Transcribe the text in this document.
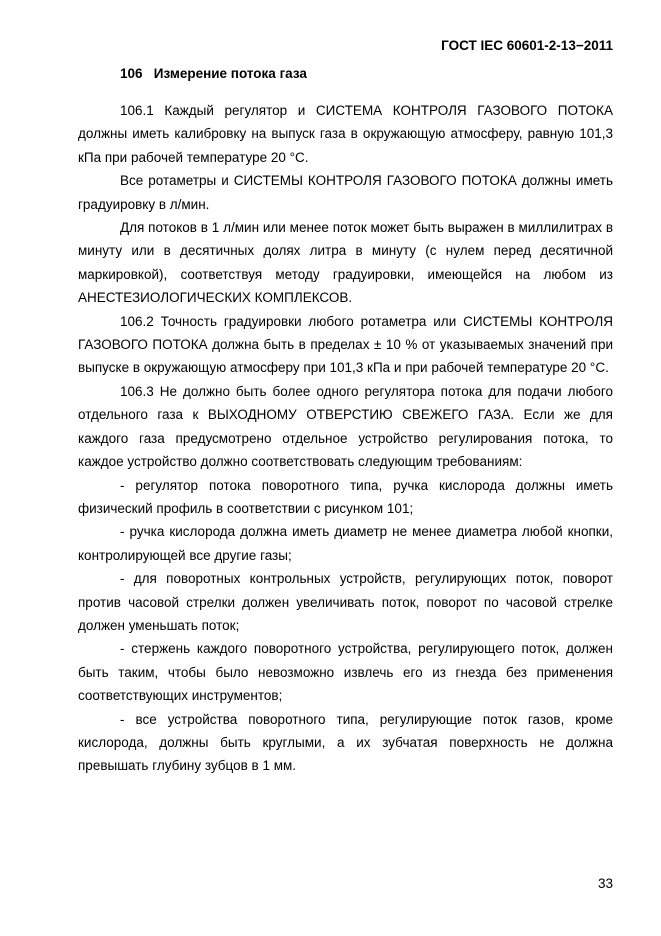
ГОСТ IEC 60601-2-13−2011
106 Измерение потока газа

106.1 Каждый регулятор и СИСТЕМА КОНТРОЛЯ ГАЗОВОГО ПОТОКА должны иметь калибровку на выпуск газа в окружающую атмосферу, равную 101,3 кПа при рабочей температуре 20 °С.

Все ротаметры и СИСТЕМЫ КОНТРОЛЯ ГАЗОВОГО ПОТОКА должны иметь градуировку в л/мин.

Для потоков в 1 л/мин или менее поток может быть выражен в миллилитрах в минуту или в десятичных долях литра в минуту (с нулем перед десятичной маркировкой), соответствуя методу градуировки, имеющейся на любом из АНЕСТЕЗИОЛОГИЧЕСКИХ КОМПЛЕКСОВ.

106.2 Точность градуировки любого ротаметра или СИСТЕМЫ КОНТРОЛЯ ГАЗОВОГО ПОТОКА должна быть в пределах ± 10 % от указываемых значений при выпуске в окружающую атмосферу при 101,3 кПа и при рабочей температуре 20 °С.

106.3 Не должно быть более одного регулятора потока для подачи любого отдельного газа к ВЫХОДНОМУ ОТВЕРСТИЮ СВЕЖЕГО ГАЗА. Если же для каждого газа предусмотрено отдельное устройство регулирования потока, то каждое устройство должно соответствовать следующим требованиям:

- регулятор потока поворотного типа, ручка кислорода должны иметь физический профиль в соответствии с рисунком 101;

- ручка кислорода должна иметь диаметр не менее диаметра любой кнопки, контролирующей все другие газы;

- для поворотных контрольных устройств, регулирующих поток, поворот против часовой стрелки должен увеличивать поток, поворот по часовой стрелке должен уменьшать поток;

- стержень каждого поворотного устройства, регулирующего поток, должен быть таким, чтобы было невозможно извлечь его из гнезда без применения соответствующих инструментов;

- все устройства поворотного типа, регулирующие поток газов, кроме кислорода, должны быть круглыми, а их зубчатая поверхность не должна превышать глубину зубцов в 1 мм.

33
